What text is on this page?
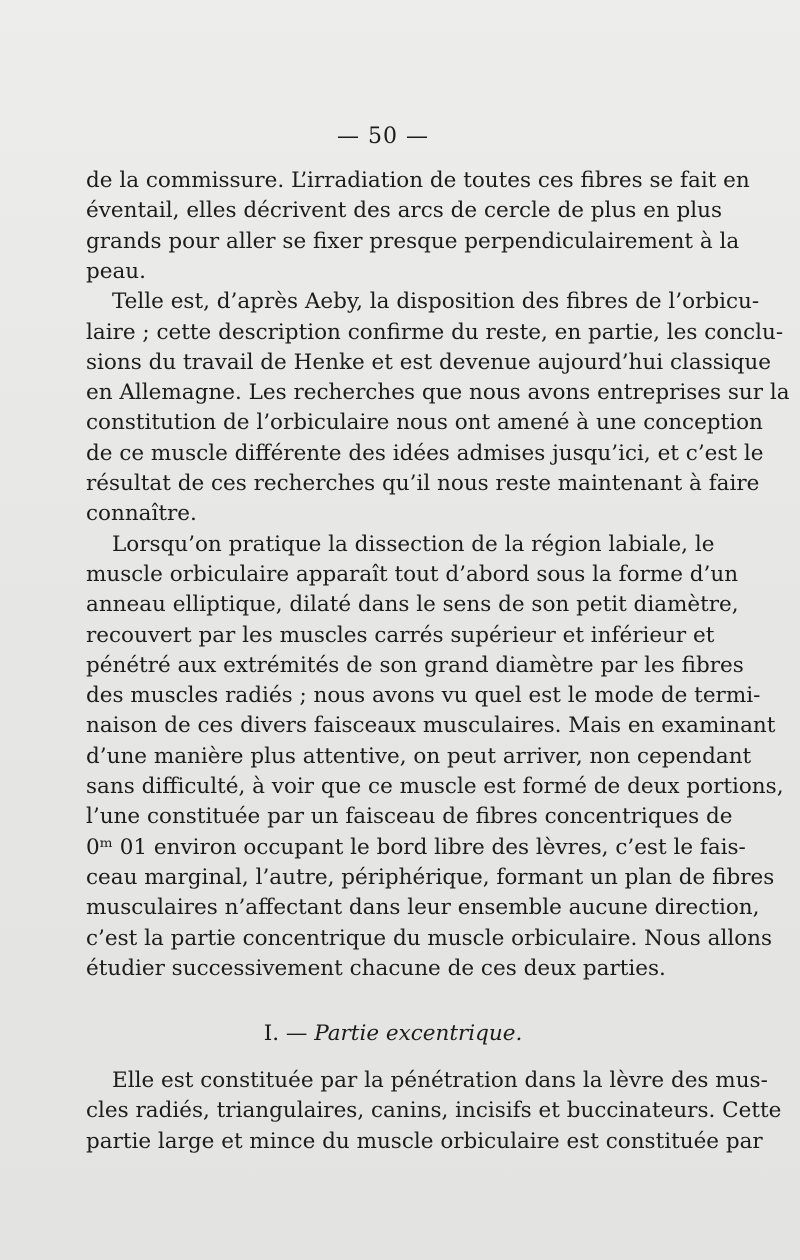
— 50 —
de la commissure. L’irradiation de toutes ces fibres se fait en
éventail, elles décrivent des arcs de cercle de plus en plus
grands pour aller se fixer presque perpendiculairement à la
peau.
Telle est, d’après Aeby, la disposition des fibres de l’orbicu-
laire ; cette description confirme du reste, en partie, les conclu-
sions du travail de Henke et est devenue aujourd’hui classique
en Allemagne. Les recherches que nous avons entreprises sur la
constitution de l’orbiculaire nous ont amené à une conception
de ce muscle différente des idées admises jusqu’ici, et c’est le
résultat de ces recherches qu’il nous reste maintenant à faire
connaître.
Lorsqu’on pratique la dissection de la région labiale, le
muscle orbiculaire apparaît tout d’abord sous la forme d’un
anneau elliptique, dilaté dans le sens de son petit diamètre,
recouvert par les muscles carrés supérieur et inférieur et
pénétré aux extrémités de son grand diamètre par les fibres
des muscles radiés ; nous avons vu quel est le mode de termi-
naison de ces divers faisceaux musculaires. Mais en examinant
d’une manière plus attentive, on peut arriver, non cependant
sans difficulté, à voir que ce muscle est formé de deux portions,
l’une constituée par un faisceau de fibres concentriques de
0ᵐ 01 environ occupant le bord libre des lèvres, c’est le fais-
ceau marginal, l’autre, périphérique, formant un plan de fibres
musculaires n’affectant dans leur ensemble aucune direction,
c’est la partie concentrique du muscle orbiculaire. Nous allons
étudier successivement chacune de ces deux parties.
I. — Partie excentrique.
Elle est constituée par la pénétration dans la lèvre des mus-
cles radiés, triangulaires, canins, incisifs et buccinateurs. Cette
partie large et mince du muscle orbiculaire est constituée par
